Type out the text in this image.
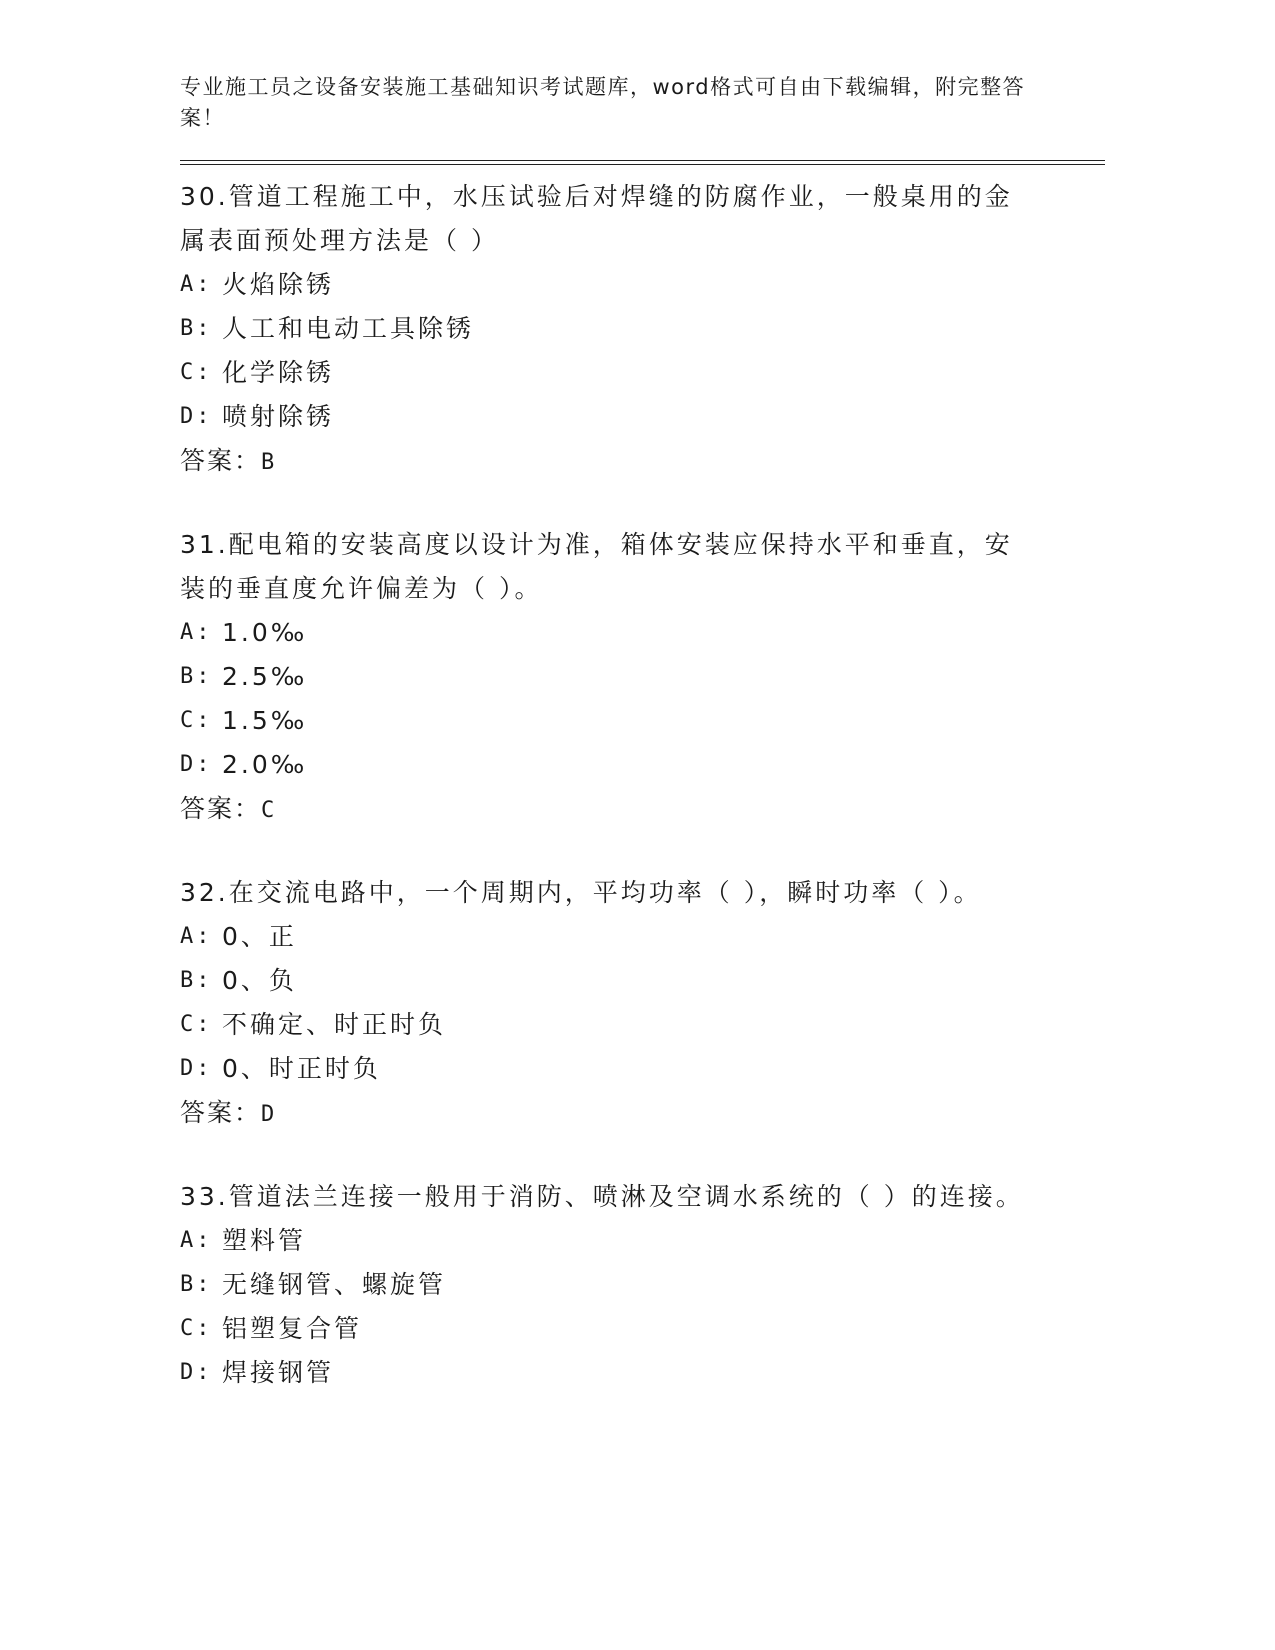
专业施工员之设备安装施工基础知识考试题库，word格式可自由下载编辑，附完整答案！

30.管道工程施工中，水压试验后对焊缝的防腐作业，一般桌用的金属表面预处理方法是（ ）

A: 火焰除锈
B: 人工和电动工具除锈
C: 化学除锈
D: 喷射除锈

答案：B

31.配电箱的安装高度以设计为准，箱体安装应保持水平和垂直，安装的垂直度允许偏差为（ ）。

A: 1.0‰
B: 2.5‰
C: 1.5‰
D: 2.0‰

答案：C

32.在交流电路中，一个周期内，平均功率（ ），瞬时功率（ ）。

A: 0、正
B: 0、负
C: 不确定、时正时负
D: 0、时正时负

答案：D

33.管道法兰连接一般用于消防、喷淋及空调水系统的（ ）的连接。

A: 塑料管
B: 无缝钢管、螺旋管
C: 铝塑复合管
D: 焊接钢管
